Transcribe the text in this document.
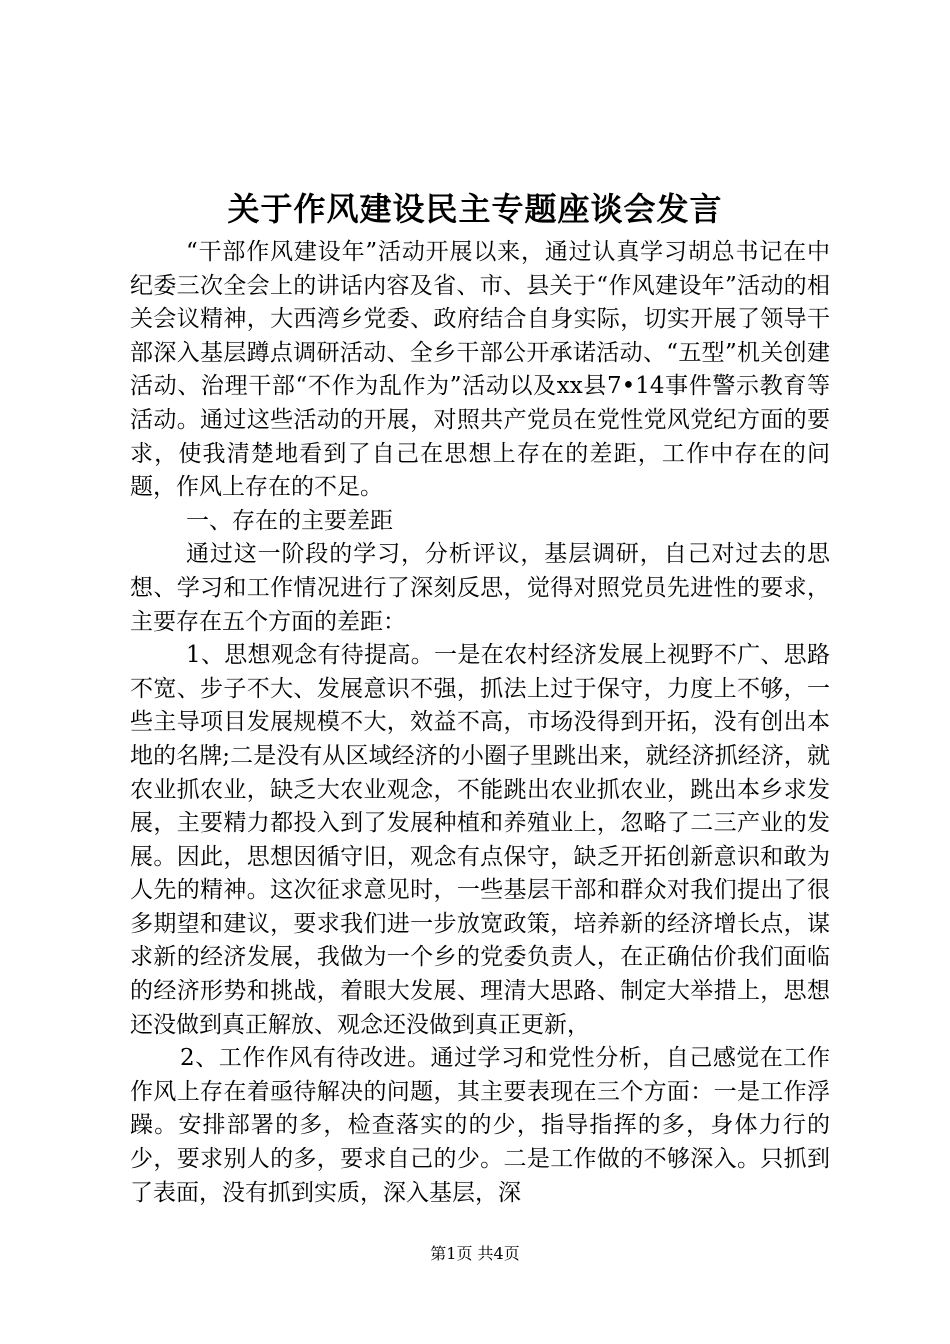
关于作风建设民主专题座谈会发言

“干部作风建设年”活动开展以来，通过认真学习胡总书记在中纪委三次全会上的讲话内容及省、市、县关于“作风建设年”活动的相关会议精神，大西湾乡党委、政府结合自身实际，切实开展了领导干部深入基层蹲点调研活动、全乡干部公开承诺活动、“五型”机关创建活动、治理干部“不作为乱作为”活动以及xx县7•14事件警示教育等活动。通过这些活动的开展，对照共产党员在党性党风党纪方面的要求，使我清楚地看到了自己在思想上存在的差距，工作中存在的问题，作风上存在的不足。

一、存在的主要差距

通过这一阶段的学习，分析评议，基层调研，自己对过去的思想、学习和工作情况进行了深刻反思，觉得对照党员先进性的要求，主要存在五个方面的差距：

1、思想观念有待提高。一是在农村经济发展上视野不广、思路不宽、步子不大、发展意识不强，抓法上过于保守，力度上不够，一些主导项目发展规模不大，效益不高，市场没得到开拓，没有创出本地的名牌;二是没有从区域经济的小圈子里跳出来，就经济抓经济，就农业抓农业，缺乏大农业观念，不能跳出农业抓农业，跳出本乡求发展，主要精力都投入到了发展种植和养殖业上，忽略了二三产业的发展。因此，思想因循守旧，观念有点保守，缺乏开拓创新意识和敢为人先的精神。这次征求意见时，一些基层干部和群众对我们提出了很多期望和建议，要求我们进一步放宽政策，培养新的经济增长点，谋求新的经济发展，我做为一个乡的党委负责人，在正确估价我们面临的经济形势和挑战，着眼大发展、理清大思路、制定大举措上，思想还没做到真正解放、观念还没做到真正更新，

2、工作作风有待改进。通过学习和党性分析，自己感觉在工作作风上存在着亟待解决的问题，其主要表现在三个方面：一是工作浮躁。安排部署的多，检查落实的的少，指导指挥的多，身体力行的少，要求别人的多，要求自己的少。二是工作做的不够深入。只抓到了表面，没有抓到实质，深入基层，深

第1页 共4页
